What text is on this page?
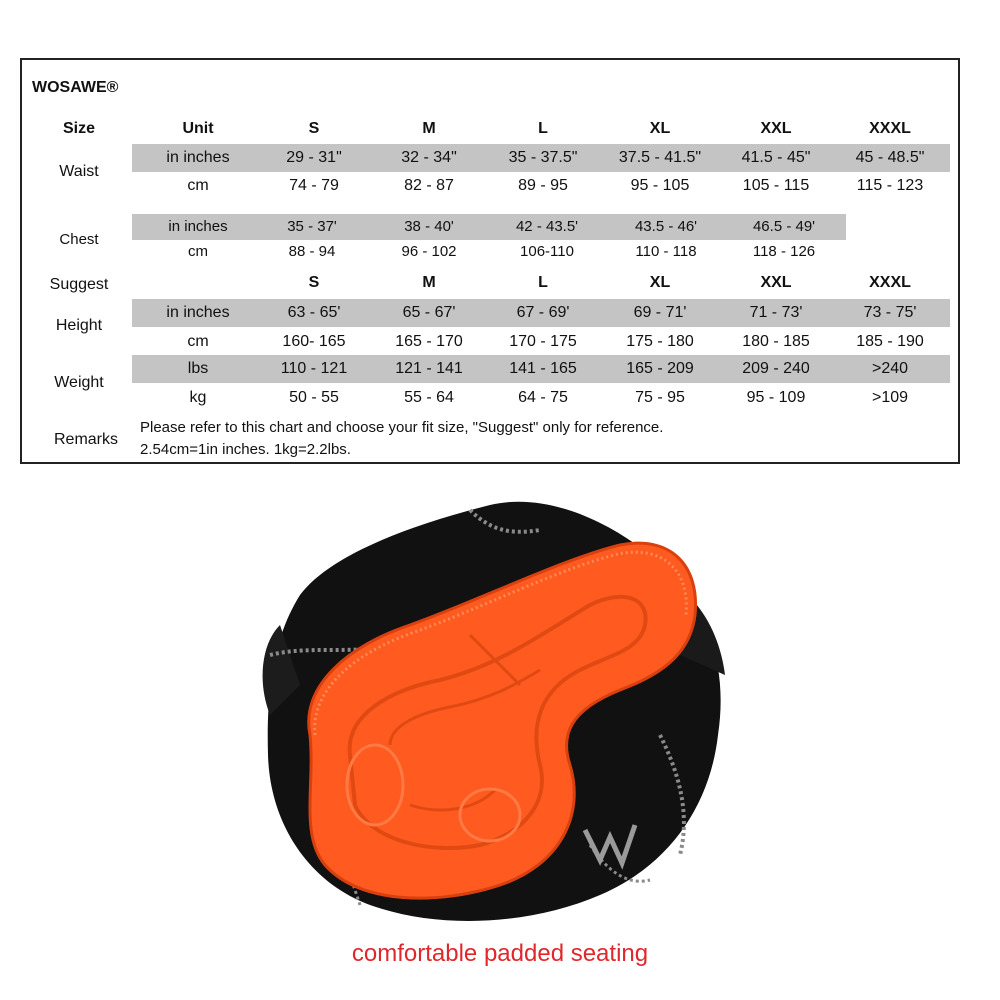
WOSAWE®
Size	Unit	S	M	L	XL	XXL	XXXL
Waist
in inches	29 - 31"	32 - 34"	35 - 37.5"	37.5 - 41.5"	41.5 - 45"	45 - 48.5"
cm	74 - 79	82 - 87	89 - 95	95 - 105	105 - 115	115 - 123
Chest
in inches	35 - 37'	38 - 40'	42 - 43.5'	43.5 - 46'	46.5 - 49'
cm	88 - 94	96 - 102	106-110	110 - 118	118 - 126
Suggest	S	M	L	XL	XXL	XXXL
Height
in inches	63 - 65'	65 - 67'	67 - 69'	69 - 71'	71 - 73'	73 - 75'
cm	160- 165	165 - 170	170 - 175	175 - 180	180 - 185	185 - 190
Weight
lbs	110 - 121	121 - 141	141 - 165	165 - 209	209 - 240	>240
kg	50 - 55	55 - 64	64 - 75	75 - 95	95 - 109	>109
Remarks
Please refer to this chart and choose your fit size, "Suggest" only for reference.
2.54cm=1in inches. 1kg=2.2lbs.
comfortable padded seating
